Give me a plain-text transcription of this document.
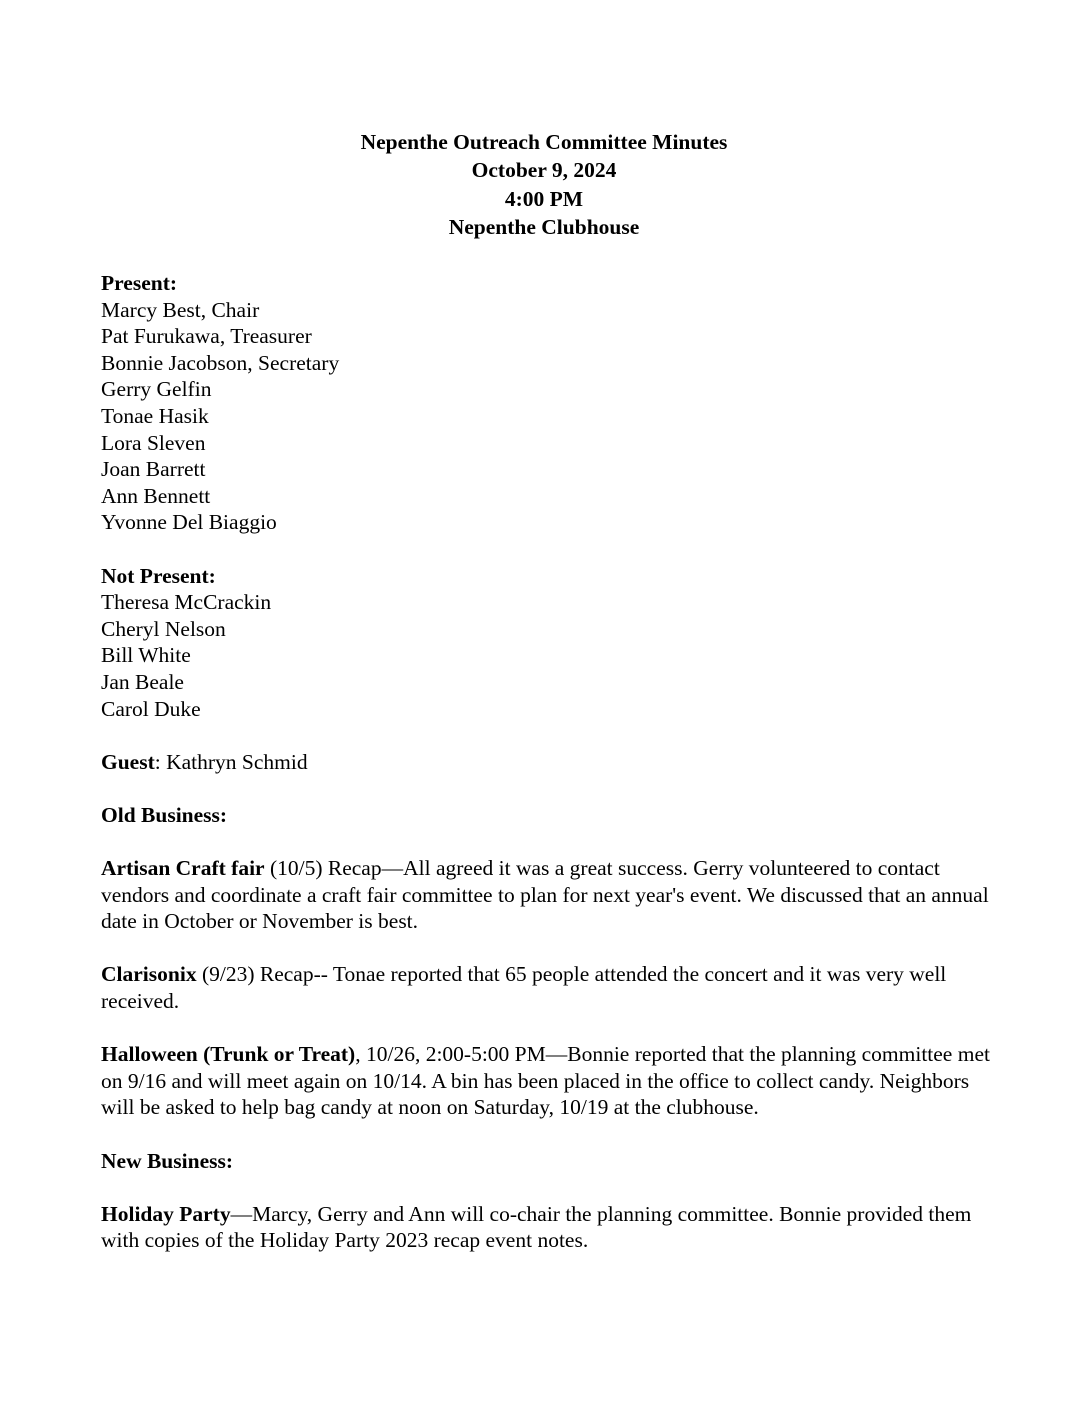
Nepenthe Outreach Committee Minutes
October 9, 2024
4:00 PM
Nepenthe Clubhouse
Present:
Marcy Best, Chair
Pat Furukawa, Treasurer
Bonnie Jacobson, Secretary
Gerry Gelfin
Tonae Hasik
Lora Sleven
Joan Barrett
Ann Bennett
Yvonne Del Biaggio
Not Present:
Theresa McCrackin
Cheryl Nelson
Bill White
Jan Beale
Carol Duke
Guest: Kathryn Schmid
Old Business:
Artisan Craft fair (10/5) Recap—All agreed it was a great success. Gerry volunteered to contact vendors and coordinate a craft fair committee to plan for next year's event. We discussed that an annual date in October or November is best.
Clarisonix (9/23) Recap-- Tonae reported that 65 people attended the concert and it was very well received.
Halloween (Trunk or Treat), 10/26, 2:00-5:00 PM—Bonnie reported that the planning committee met on 9/16 and will meet again on 10/14. A bin has been placed in the office to collect candy. Neighbors will be asked to help bag candy at noon on Saturday, 10/19 at the clubhouse.
New Business:
Holiday Party—Marcy, Gerry and Ann will co-chair the planning committee. Bonnie provided them with copies of the Holiday Party 2023 recap event notes.
